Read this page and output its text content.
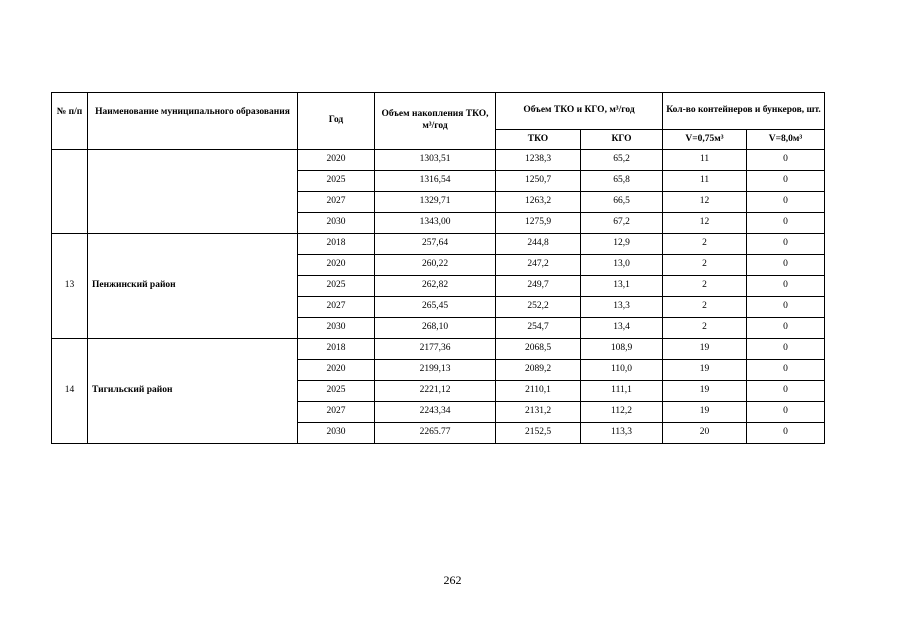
№ п/п	Наименование муниципального образования	Год	Объем накопления ТКО, м³/год	Объем ТКО и КГО, м³/год		Кол-во контейнеров и бункеров, шт.	
				ТКО	КГО	V=0,75м³	V=8,0м³
		2020	1303,51	1238,3	65,2	11	0
		2025	1316,54	1250,7	65,8	11	0
		2027	1329,71	1263,2	66,5	12	0
		2030	1343,00	1275,9	67,2	12	0
13	Пенжинский район	2018	257,64	244,8	12,9	2	0
		2020	260,22	247,2	13,0	2	0
		2025	262,82	249,7	13,1	2	0
		2027	265,45	252,2	13,3	2	0
		2030	268,10	254,7	13,4	2	0
14	Тигильский район	2018	2177,36	2068,5	108,9	19	0
		2020	2199,13	2089,2	110,0	19	0
		2025	2221,12	2110,1	111,1	19	0
		2027	2243,34	2131,2	112,2	19	0
		2030	2265.77	2152,5	113,3	20	0
262
